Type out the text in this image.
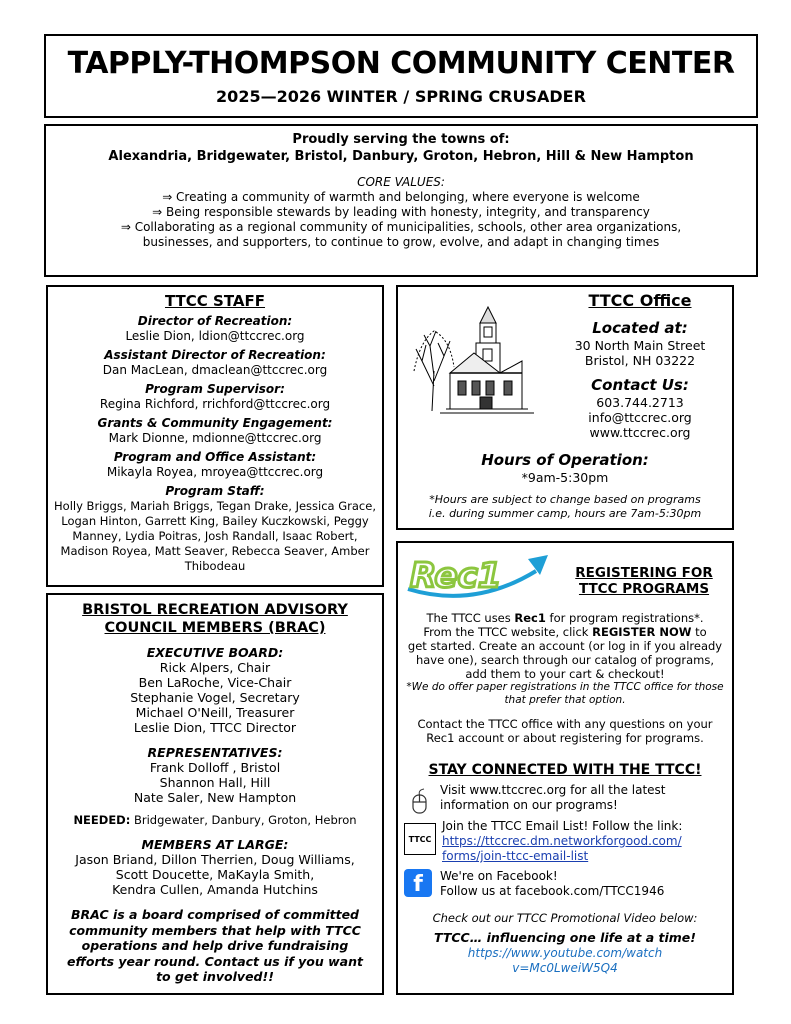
TAPPLY-THOMPSON COMMUNITY CENTER
2025—2026 WINTER / SPRING CRUSADER
Proudly serving the towns of:
Alexandria, Bridgewater, Bristol, Danbury, Groton, Hebron, Hill & New Hampton
CORE VALUES:
⇒ Creating a community of warmth and belonging, where everyone is welcome
⇒ Being responsible stewards by leading with honesty, integrity, and transparency
⇒ Collaborating as a regional community of municipalities, schools, other area organizations,
businesses, and supporters, to continue to grow, evolve, and adapt in changing times
TTCC STAFF
Director of Recreation:
Leslie Dion, ldion@ttccrec.org
Assistant Director of Recreation:
Dan MacLean, dmaclean@ttccrec.org
Program Supervisor:
Regina Richford, rrichford@ttccrec.org
Grants & Community Engagement:
Mark Dionne, mdionne@ttccrec.org
Program and Office Assistant:
Mikayla Royea, mroyea@ttccrec.org
Program Staff:
Holly Briggs, Mariah Briggs, Tegan Drake, Jessica Grace, Logan Hinton, Garrett King, Bailey Kuczkowski, Peggy Manney, Lydia Poitras, Josh Randall, Isaac Robert, Madison Royea, Matt Seaver, Rebecca Seaver, Amber Thibodeau
BRISTOL RECREATION ADVISORY
COUNCIL MEMBERS (BRAC)
EXECUTIVE BOARD:
Rick Alpers, Chair
Ben LaRoche, Vice-Chair
Stephanie Vogel, Secretary
Michael O'Neill, Treasurer
Leslie Dion, TTCC Director
REPRESENTATIVES:
Frank Dolloff , Bristol
Shannon Hall, Hill
Nate Saler, New Hampton
NEEDED: Bridgewater, Danbury, Groton, Hebron
MEMBERS AT LARGE:
Jason Briand, Dillon Therrien, Doug Williams,
Scott Doucette, MaKayla Smith,
Kendra Cullen, Amanda Hutchins
BRAC is a board comprised of committed community members that help with TTCC operations and help drive fundraising efforts year round. Contact us if you want to get involved!!
TTCC Office
Located at:
30 North Main Street
Bristol, NH 03222
Contact Us:
603.744.2713
info@ttccrec.org
www.ttccrec.org
Hours of Operation:
*9am-5:30pm
*Hours are subject to change based on programs
i.e. during summer camp, hours are 7am-5:30pm
Rec1	REGISTERING FOR
TTCC PROGRAMS
The TTCC uses Rec1 for program registrations*.
From the TTCC website, click REGISTER NOW to
get started. Create an account (or log in if you already have one), search through our catalog of programs, add them to your cart & checkout!
*We do offer paper registrations in the TTCC office for those that prefer that option.
Contact the TTCC office with any questions on your Rec1 account or about registering for programs.
STAY CONNECTED WITH THE TTCC!
Visit www.ttccrec.org for all the latest information on our programs!
TTCC
Join the TTCC Email List! Follow the link:
https://ttccrec.dm.networkforgood.com/
forms/join-ttcc-email-list
f	We're on Facebook!
Follow us at facebook.com/TTCC1946
Check out our TTCC Promotional Video below:
TTCC… influencing one life at a time!
https://www.youtube.com/watch
v=Mc0LweiW5Q4
